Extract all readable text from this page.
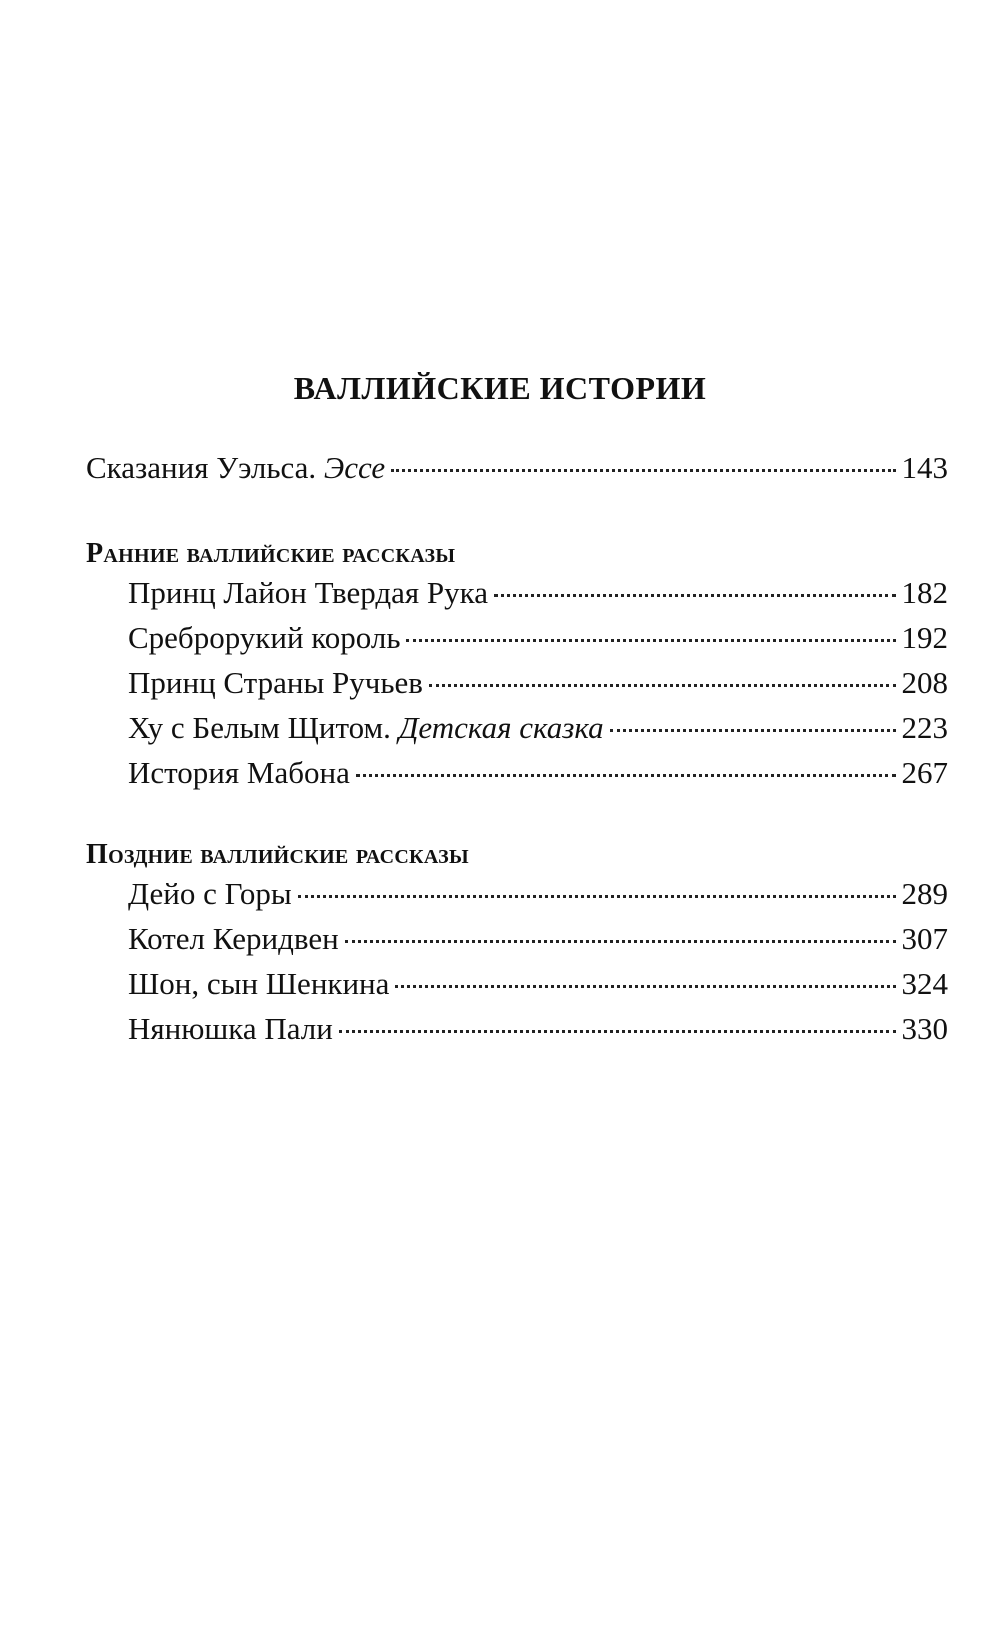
ВАЛЛИЙСКИЕ ИСТОРИИ
Сказания Уэльса. Эссе	143
Ранние валлийские рассказы
Принц Лайон Твердая Рука	182
Среброрукий король	192
Принц Страны Ручьев	208
Ху с Белым Щитом. Детская сказка	223
История Мабона	267
Поздние валлийские рассказы
Дейо с Горы	289
Котел Керидвен	307
Шон, сын Шенкина	324
Нянюшка Пали	330
